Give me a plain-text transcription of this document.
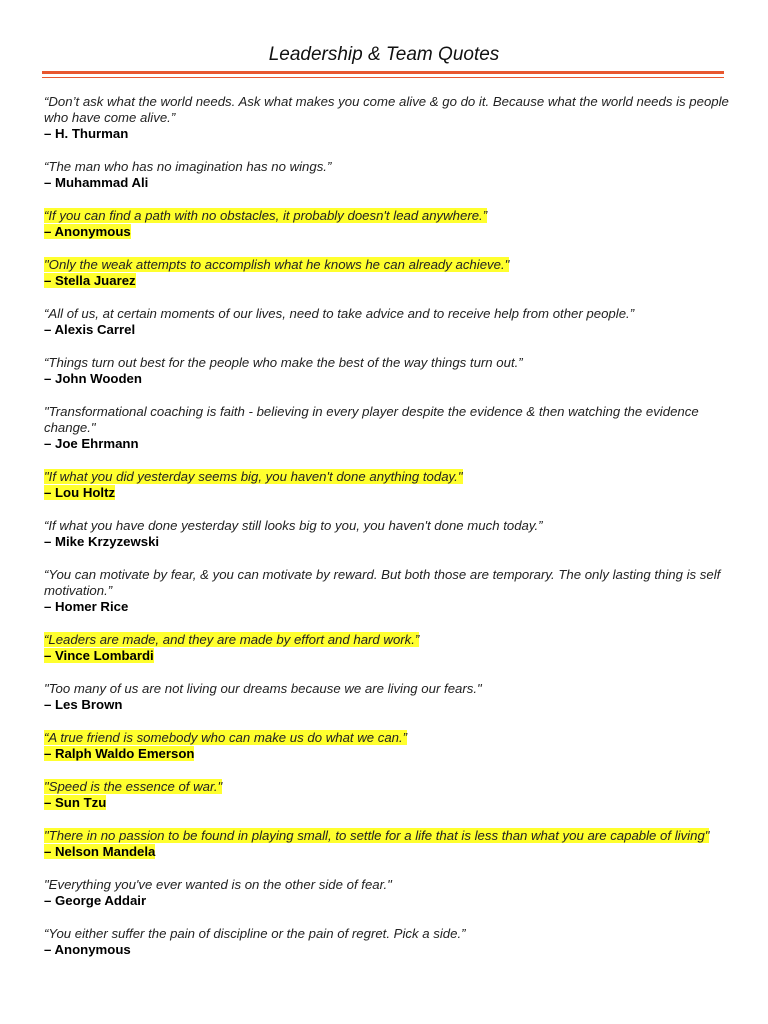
Leadership & Team Quotes
“Don’t ask what the world needs. Ask what makes you come alive & go do it. Because what the world needs is people who have come alive.”
– H. Thurman
“The man who has no imagination has no wings.”
– Muhammad Ali
“If you can find a path with no obstacles, it probably doesn't lead anywhere.”
– Anonymous
"Only the weak attempts to accomplish what he knows he can already achieve."
– Stella Juarez
“All of us, at certain moments of our lives, need to take advice and to receive help from other people.”
– Alexis Carrel
“Things turn out best for the people who make the best of the way things turn out.”
– John Wooden
"Transformational coaching is faith - believing in every player despite the evidence & then watching the evidence change."
– Joe Ehrmann
"If what you did yesterday seems big, you haven't done anything today."
– Lou Holtz
“If what you have done yesterday still looks big to you, you haven't done much today.”
– Mike Krzyzewski
“You can motivate by fear, & you can motivate by reward. But both those are temporary. The only lasting thing is self motivation.”
– Homer Rice
“Leaders are made, and they are made by effort and hard work.”
– Vince Lombardi
"Too many of us are not living our dreams because we are living our fears."
– Les Brown
“A true friend is somebody who can make us do what we can.”
– Ralph Waldo Emerson
"Speed is the essence of war."
– Sun Tzu
"There in no passion to be found in playing small, to settle for a life that is less than what you are capable of living"
– Nelson Mandela
"Everything you've ever wanted is on the other side of fear."
– George Addair
“You either suffer the pain of discipline or the pain of regret. Pick a side.”
– Anonymous
